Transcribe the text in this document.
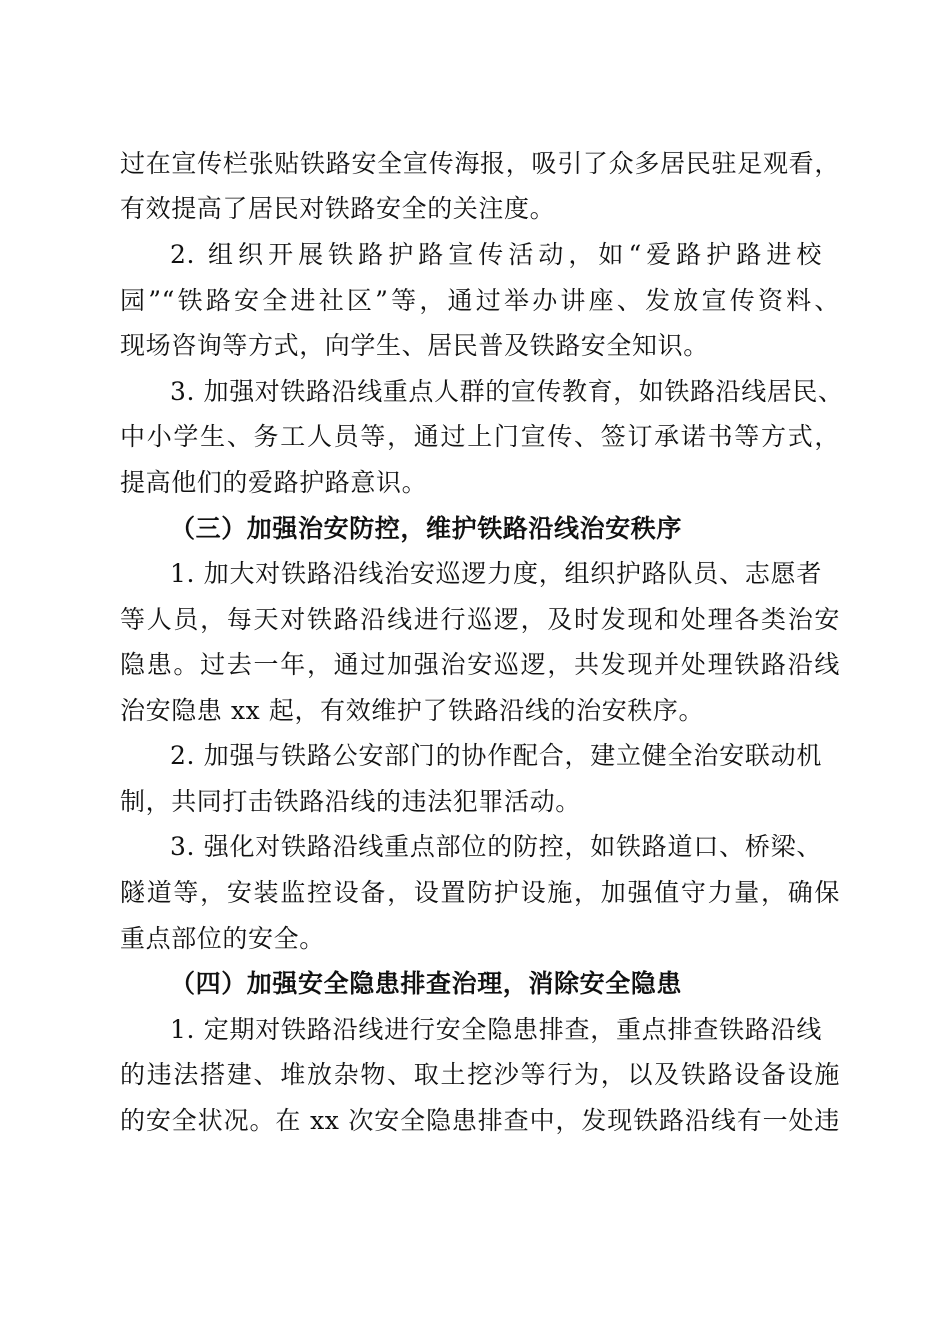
过在宣传栏张贴铁路安全宣传海报，吸引了众多居民驻足观看，
有效提高了居民对铁路安全的关注度。
2. 组织开展铁路护路宣传活动，如“爱路护路进校
园”“铁路安全进社区”等，通过举办讲座、发放宣传资料、
现场咨询等方式，向学生、居民普及铁路安全知识。
3. 加强对铁路沿线重点人群的宣传教育，如铁路沿线居民、
中小学生、务工人员等，通过上门宣传、签订承诺书等方式，
提高他们的爱路护路意识。
（三）加强治安防控，维护铁路沿线治安秩序
1. 加大对铁路沿线治安巡逻力度，组织护路队员、志愿者
等人员，每天对铁路沿线进行巡逻，及时发现和处理各类治安
隐患。过去一年，通过加强治安巡逻，共发现并处理铁路沿线
治安隐患 xx 起，有效维护了铁路沿线的治安秩序。
2. 加强与铁路公安部门的协作配合，建立健全治安联动机
制，共同打击铁路沿线的违法犯罪活动。
3. 强化对铁路沿线重点部位的防控，如铁路道口、桥梁、
隧道等，安装监控设备，设置防护设施，加强值守力量，确保
重点部位的安全。
（四）加强安全隐患排查治理，消除安全隐患
1. 定期对铁路沿线进行安全隐患排查，重点排查铁路沿线
的违法搭建、堆放杂物、取土挖沙等行为，以及铁路设备设施
的安全状况。在 xx 次安全隐患排查中，发现铁路沿线有一处违
